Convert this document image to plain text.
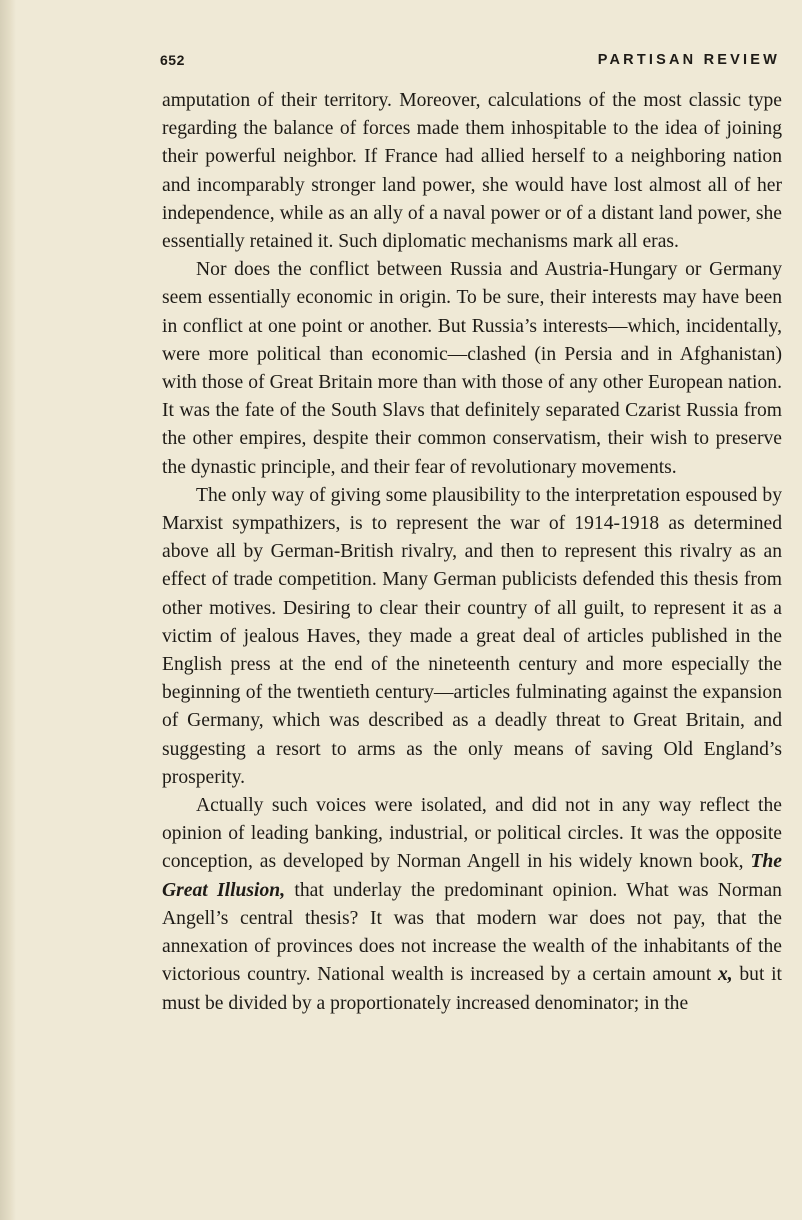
652	PARTISAN REVIEW

amputation of their territory. Moreover, calculations of the most classic type regarding the balance of forces made them inhospitable to the idea of joining their powerful neighbor. If France had allied herself to a neighboring nation and incomparably stronger land power, she would have lost almost all of her independence, while as an ally of a naval power or of a distant land power, she essentially retained it. Such diplomatic mechanisms mark all eras.

Nor does the conflict between Russia and Austria-Hungary or Germany seem essentially economic in origin. To be sure, their interests may have been in conflict at one point or another. But Russia’s interests—which, incidentally, were more political than economic—clashed (in Persia and in Afghanistan) with those of Great Britain more than with those of any other European nation. It was the fate of the South Slavs that definitely separated Czarist Russia from the other empires, despite their common conservatism, their wish to preserve the dynastic principle, and their fear of revolutionary movements.

The only way of giving some plausibility to the interpretation espoused by Marxist sympathizers, is to represent the war of 1914-1918 as determined above all by German-British rivalry, and then to represent this rivalry as an effect of trade competition. Many German publicists defended this thesis from other motives. Desiring to clear their country of all guilt, to represent it as a victim of jealous Haves, they made a great deal of articles published in the English press at the end of the nineteenth century and more especially the beginning of the twentieth century—articles fulminating against the expansion of Germany, which was described as a deadly threat to Great Britain, and suggesting a resort to arms as the only means of saving Old England’s prosperity.

Actually such voices were isolated, and did not in any way reflect the opinion of leading banking, industrial, or political circles. It was the opposite conception, as developed by Norman Angell in his widely known book, The Great Illusion, that underlay the predominant opinion. What was Norman Angell’s central thesis? It was that modern war does not pay, that the annexation of provinces does not increase the wealth of the inhabitants of the victorious country. National wealth is increased by a certain amount x, but it must be divided by a proportionately increased denominator; in the
